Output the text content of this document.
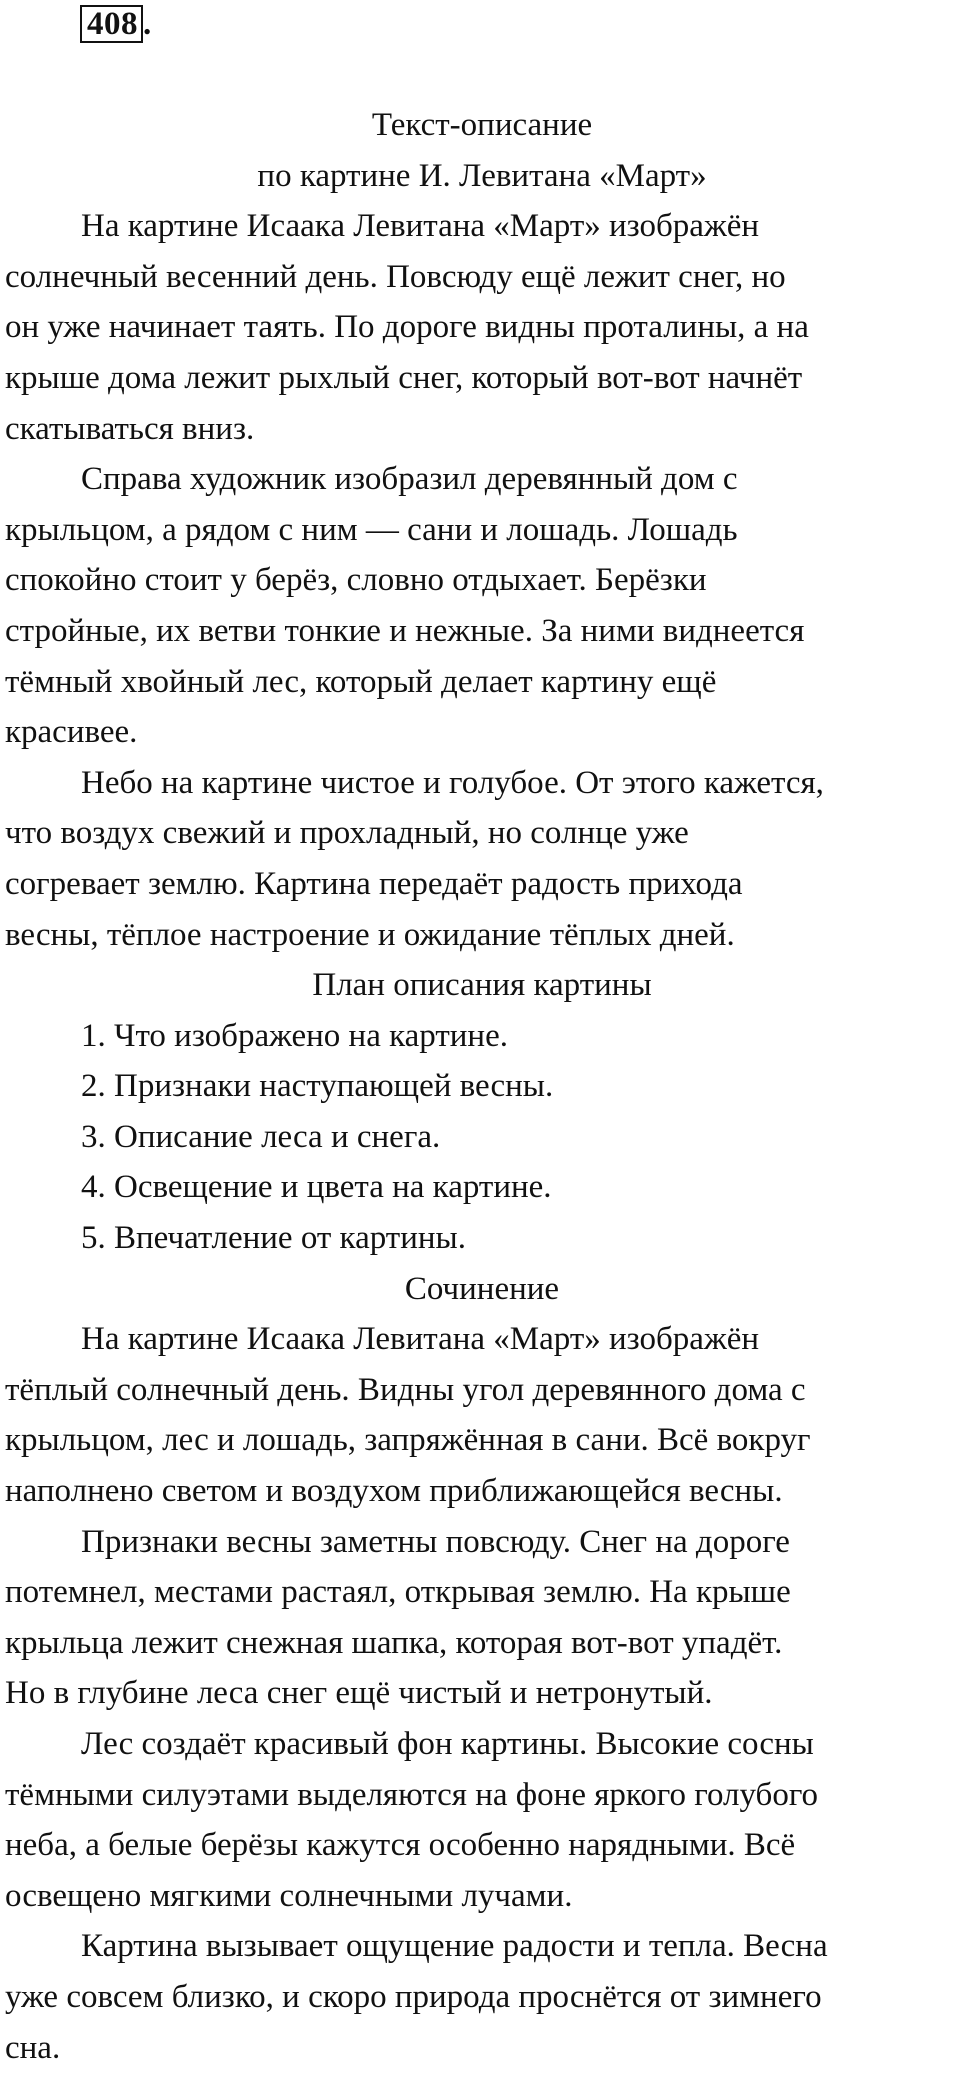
408 .
Текст-описание
по картине И. Левитана «Март»
На картине Исаака Левитана «Март» изображён
солнечный весенний день. Повсюду ещё лежит снег, но
он уже начинает таять. По дороге видны проталины, а на
крыше дома лежит рыхлый снег, который вот-вот начнёт
скатываться вниз.
Справа художник изобразил деревянный дом с
крыльцом, а рядом с ним — сани и лошадь. Лошадь
спокойно стоит у берёз, словно отдыхает. Берёзки
стройные, их ветви тонкие и нежные. За ними виднеется
тёмный хвойный лес, который делает картину ещё
красивее.
Небо на картине чистое и голубое. От этого кажется,
что воздух свежий и прохладный, но солнце уже
согревает землю. Картина передаёт радость прихода
весны, тёплое настроение и ожидание тёплых дней.
План описания картины
1. Что изображено на картине.
2. Признаки наступающей весны.
3. Описание леса и снега.
4. Освещение и цвета на картине.
5. Впечатление от картины.
Сочинение
На картине Исаака Левитана «Март» изображён
тёплый солнечный день. Видны угол деревянного дома с
крыльцом, лес и лошадь, запряжённая в сани. Всё вокруг
наполнено светом и воздухом приближающейся весны.
Признаки весны заметны повсюду. Снег на дороге
потемнел, местами растаял, открывая землю. На крыше
крыльца лежит снежная шапка, которая вот-вот упадёт.
Но в глубине леса снег ещё чистый и нетронутый.
Лес создаёт красивый фон картины. Высокие сосны
тёмными силуэтами выделяются на фоне яркого голубого
неба, а белые берёзы кажутся особенно нарядными. Всё
освещено мягкими солнечными лучами.
Картина вызывает ощущение радости и тепла. Весна
уже совсем близко, и скоро природа проснётся от зимнего
сна.
